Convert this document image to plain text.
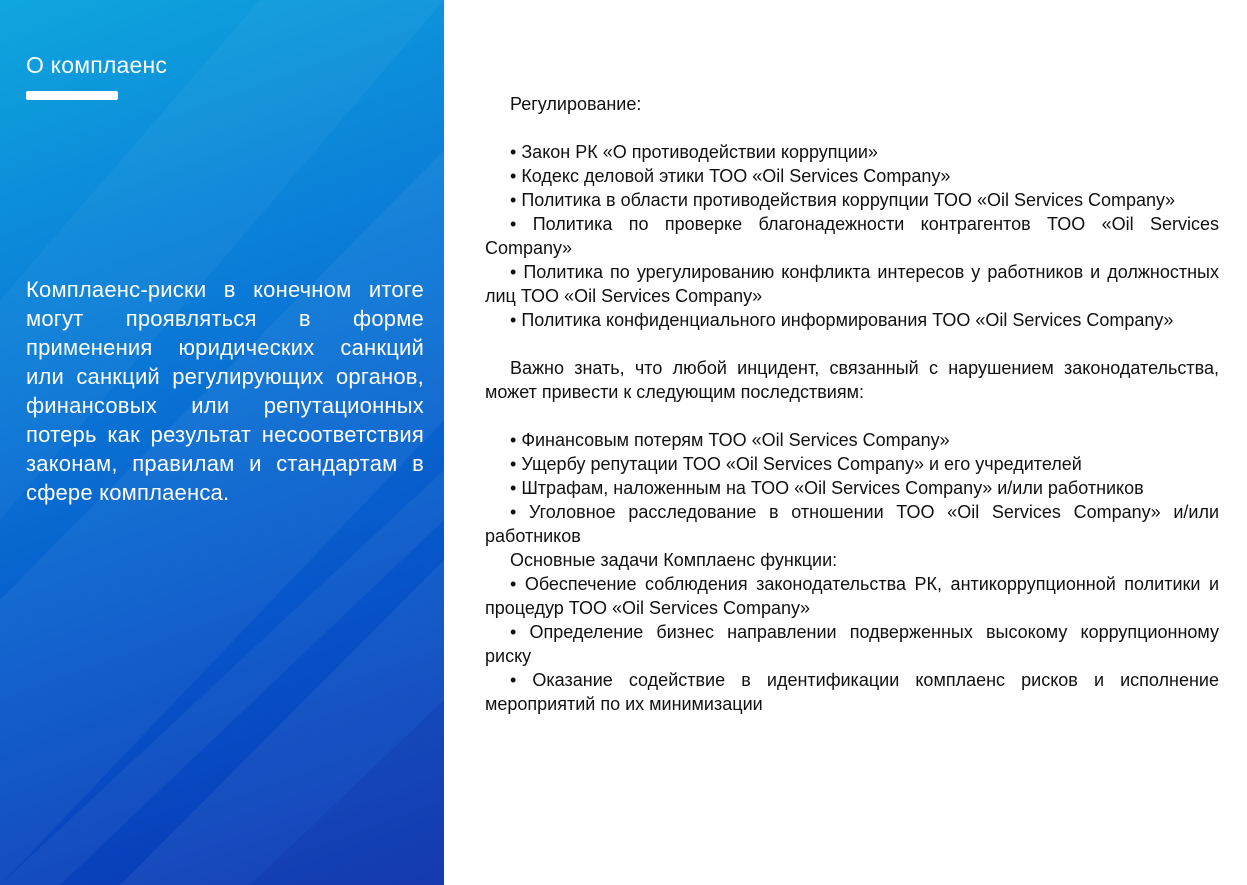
О комплаенс

Комплаенс-риски в конечном итоге могут проявляться в форме применения юридических санкций или санкций регулирующих органов, финансовых или репутационных потерь как результат несоответствия законам, правилам и стандартам в сфере комплаенса.

Регулирование:

• Закон РК «О противодействии коррупции»

• Кодекс деловой этики ТОО «Oil Services Company»

• Политика в области противодействия коррупции ТОО «Oil Services Company»

• Политика по проверке благонадежности контрагентов ТОО «Oil Services Company»

• Политика по урегулированию конфликта интересов у работников и должностных лиц ТОО «Oil Services Company»

• Политика конфиденциального информирования ТОО «Oil Services Company»

Важно знать, что любой инцидент, связанный с нарушением законодательства, может привести к следующим последствиям:

• Финансовым потерям ТОО «Oil Services Company»

• Ущербу репутации ТОО «Oil Services Company» и его учредителей

• Штрафам, наложенным на ТОО «Oil Services Company» и/или работников

• Уголовное расследование в отношении ТОО «Oil Services Company» и/или работников

Основные задачи Комплаенс функции:

• Обеспечение соблюдения законодательства РК, антикоррупционной политики и процедур ТОО «Oil Services Company»

• Определение бизнес направлении подверженных высокому коррупционному риску

• Оказание содействие в идентификации комплаенс рисков и исполнение мероприятий по их минимизации
